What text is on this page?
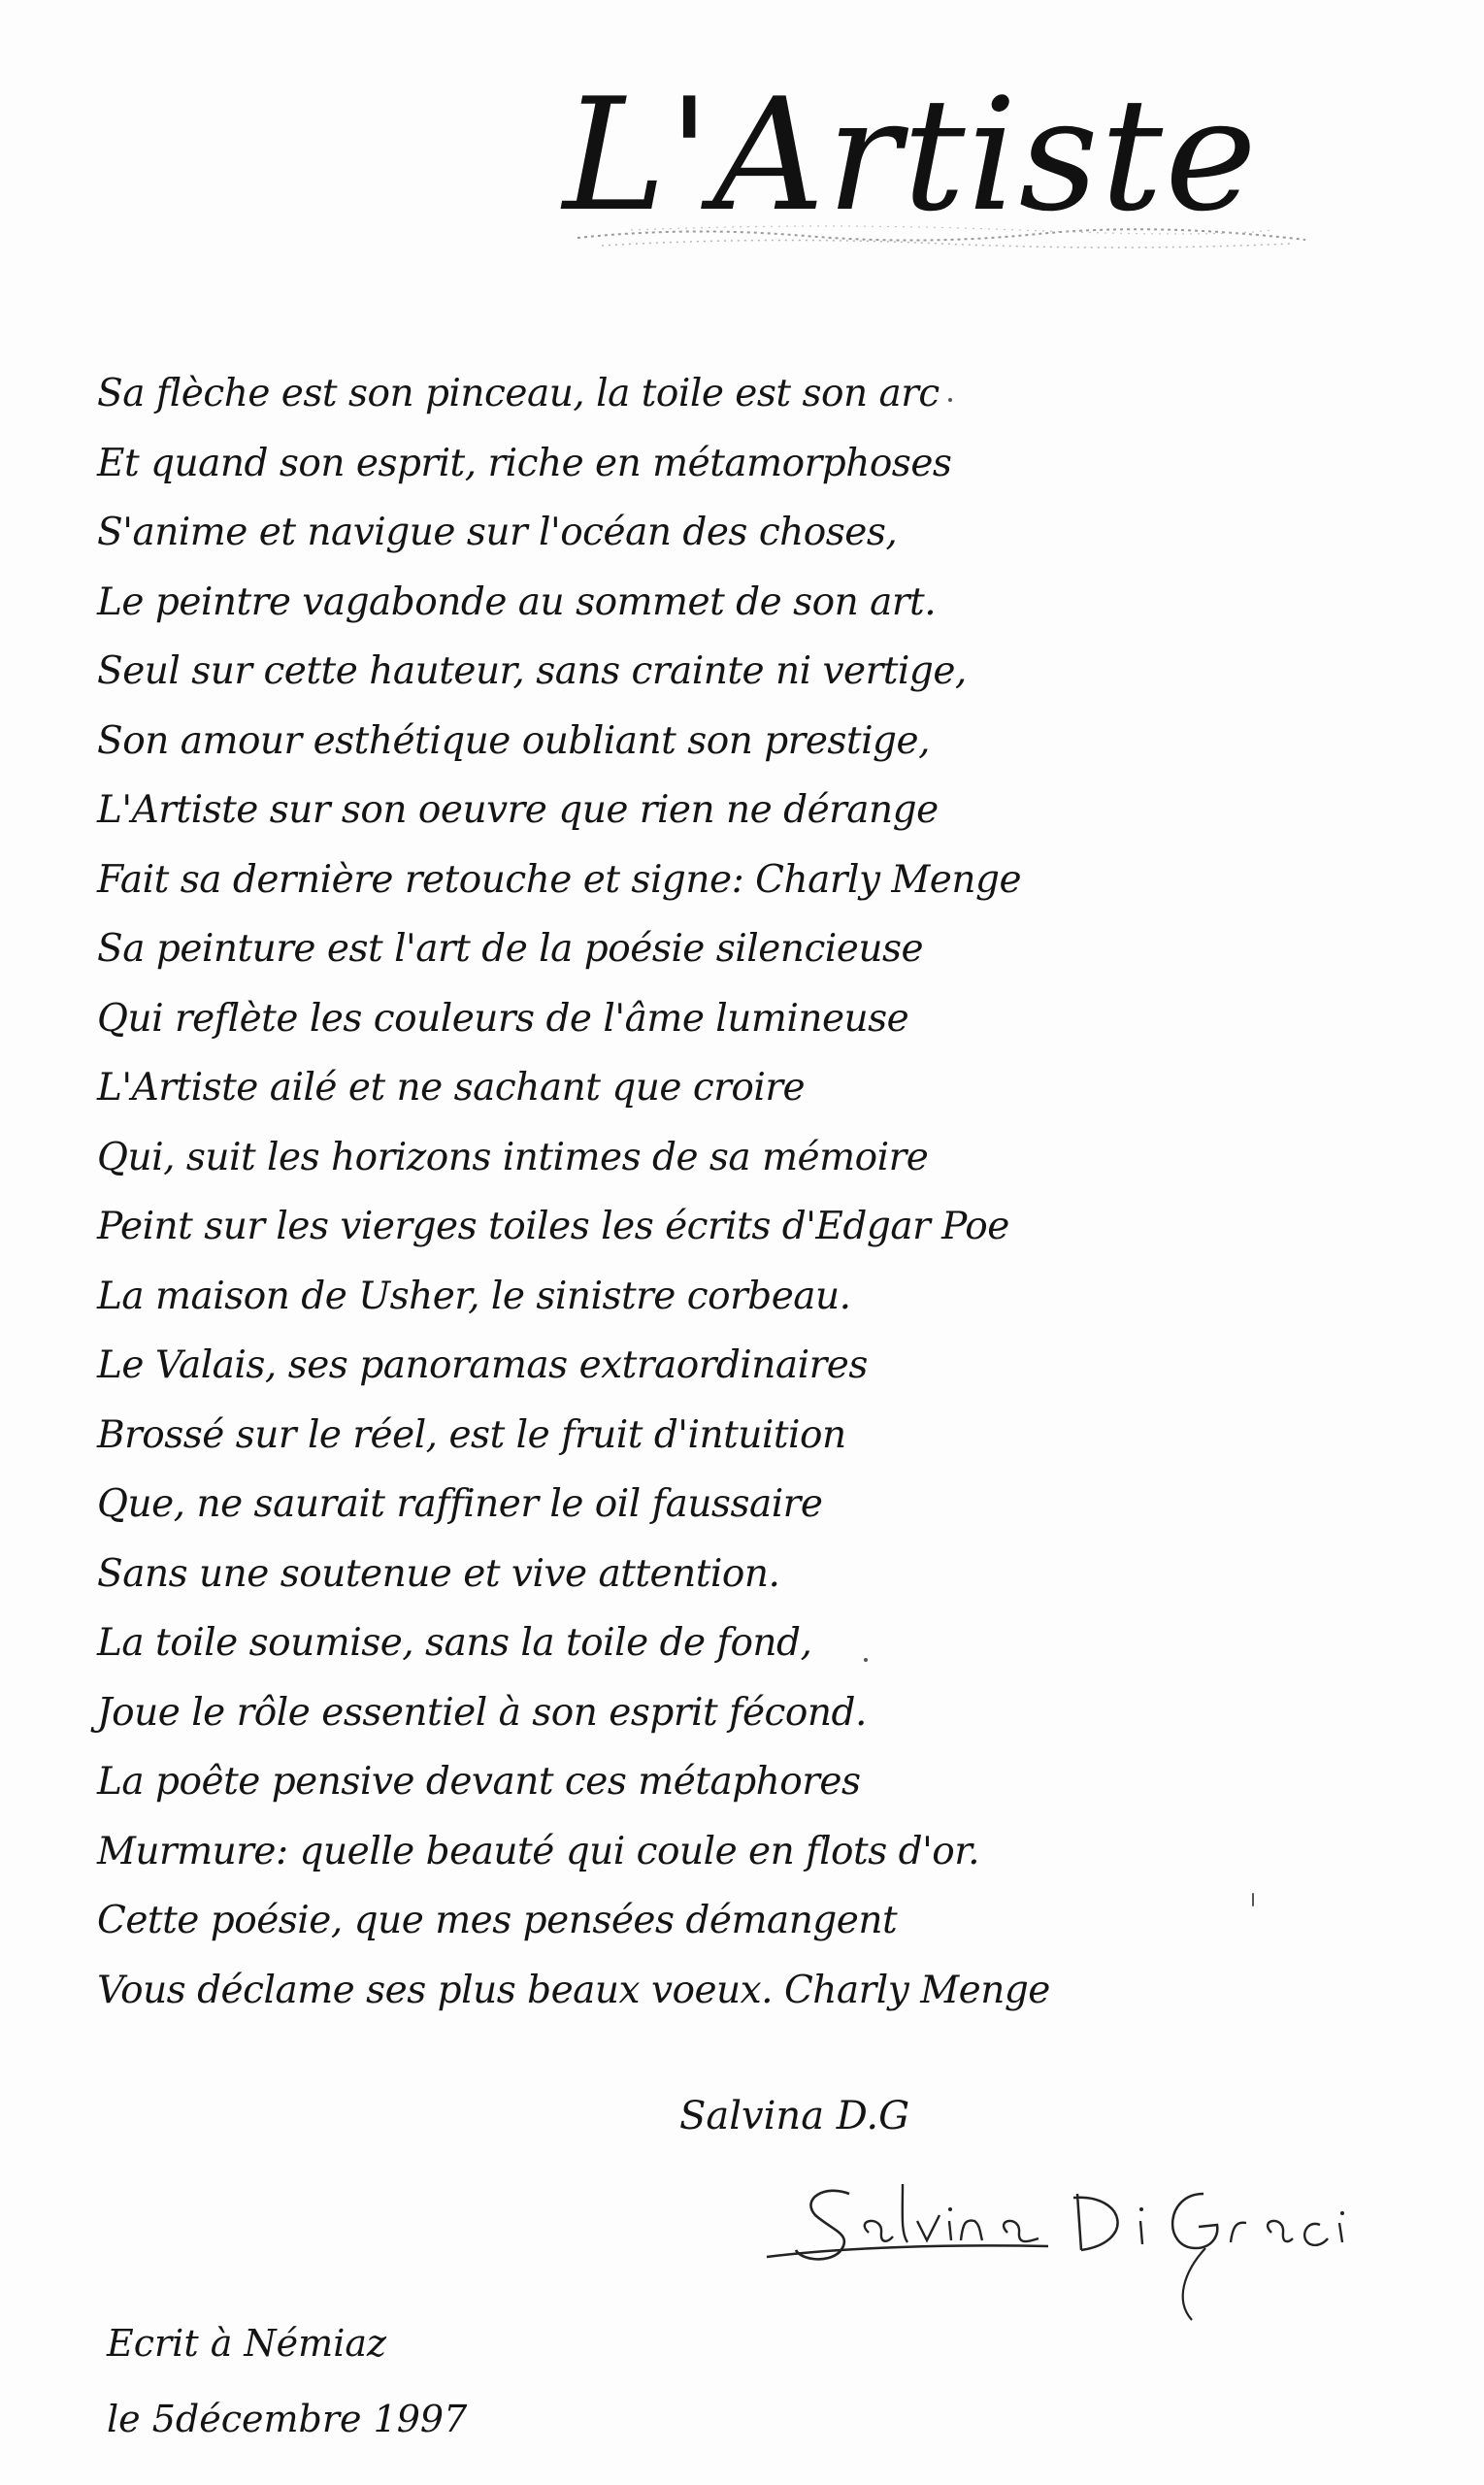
L'Artiste
Sa flèche est son pinceau, la toile est son arc
Et quand son esprit, riche en métamorphoses
S'anime et navigue sur l'océan des choses,
Le peintre vagabonde au sommet de son art.
Seul sur cette hauteur, sans crainte ni vertige,
Son amour esthétique oubliant son prestige,
L'Artiste sur son oeuvre que rien ne dérange
Fait sa dernière retouche et signe: Charly Menge
Sa peinture est l'art de la poésie silencieuse
Qui reflète les couleurs de l'âme lumineuse
L'Artiste ailé et ne sachant que croire
Qui, suit les horizons intimes de sa mémoire
Peint sur les vierges toiles les écrits d'Edgar Poe
La maison de Usher, le sinistre corbeau.
Le Valais, ses panoramas extraordinaires
Brossé sur le réel, est le fruit d'intuition
Que, ne saurait raffiner le oil faussaire
Sans une soutenue et vive attention.
La toile soumise, sans la toile de fond,
Joue le rôle essentiel à son esprit fécond.
La poête pensive devant ces métaphores
Murmure: quelle beauté qui coule en flots d'or.
Cette poésie, que mes pensées démangent
Vous déclame ses plus beaux voeux. Charly Menge
Salvina D.G
Ecrit à Némiaz
le 5décembre 1997
